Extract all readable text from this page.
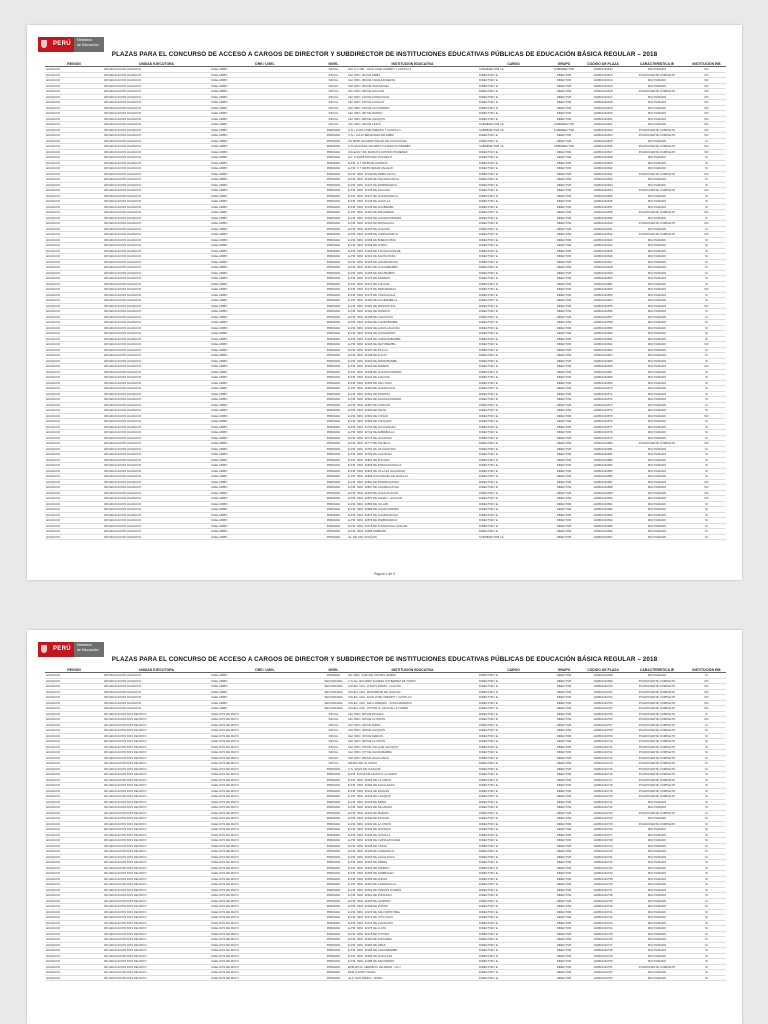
PERÚ
Ministerio
de Educación
PLAZAS PARA EL CONCURSO DE ACCESO A CARGOS DE DIRECTOR Y SUBDIRECTOR DE INSTITUCIONES EDUCATIVAS PÚBLICAS DE EDUCACIÓN BÁSICA REGULAR – 2018
REGIÓN	UNIDAD EJECUTORA	DRE / UGEL	NIVEL	INSTITUCIÓN EDUCATIVA	CARGO	GRUPO	CÓDIGO DE PLAZA	CARACTERÍSTICA IE	INSTITUCIÓN EIB
HUANUCO	300 EDUCACION HUANUCO	UGEL AMBO	INICIAL	CEI. N 7 289 - JUAN JOSE CRESPO Y CASTILLO	SUBDIRECTOR I.E.	SUBDIRECTOR	1228D1416612	MULTIGRADO	NO
HUANUCO	300 EDUCACION HUANUCO	UGEL AMBO	INICIAL	CEI. NRO. 002 DE AMBO	DIRECTOR I.E.	DIRECTOR	1228D1416613	POLIDOCENTE COMPLETO	NO
HUANUCO	300 EDUCACION HUANUCO	UGEL AMBO	INICIAL	CEI. NRO. 050 DE YANAHUQUERAS	DIRECTOR I.E.	DIRECTOR	1228D1416614	MULTIGRADO	NO
HUANUCO	300 EDUCACION HUANUCO	UGEL AMBO	INICIAL	CEI. NRO. 053 DE SAN RAFAEL	DIRECTOR I.E.	DIRECTOR	1228D1416615	MULTIGRADO	NO
HUANUCO	300 EDUCACION HUANUCO	UGEL AMBO	INICIAL	CEI. NRO. 066 DE HUACAR	DIRECTOR I.E.	DIRECTOR	1228D1416616	POLIDOCENTE COMPLETO	NO
HUANUCO	300 EDUCACION HUANUCO	UGEL AMBO	INICIAL	CEI. NRO. 128 DE AYANCOCHA	DIRECTOR I.E.	DIRECTOR	1228D1416617	MULTIGRADO	NO
HUANUCO	300 EDUCACION HUANUCO	UGEL AMBO	INICIAL	CEI. NRO. 166 DE COCHAS	DIRECTOR I.E.	DIRECTOR	1228D1416618	MULTIGRADO	NO
HUANUCO	300 EDUCACION HUANUCO	UGEL AMBO	INICIAL	CEI. NRO. 199 DE LAS PAMPAS	DIRECTOR I.E.	DIRECTOR	1228D1416619	MULTIGRADO	NO
HUANUCO	300 EDUCACION HUANUCO	UGEL AMBO	INICIAL	CEI. NRO. 287 DE RONDO	DIRECTOR I.E.	DIRECTOR	1228D1416620	MULTIGRADO	NO
HUANUCO	300 EDUCACION HUANUCO	UGEL AMBO	INICIAL	CEI. NRO. 289 DE CHUQUIS	DIRECTOR I.E.	DIRECTOR	1228D1416621	MULTIGRADO	NO
HUANUCO	300 EDUCACION HUANUCO	UGEL AMBO	INICIAL	CEI. NRO. 300 DE TINGO	SUBDIRECTOR I.E.	SUBDIRECTOR	1228D1416622	MULTIGRADO	NO
HUANUCO	300 EDUCACION HUANUCO	UGEL AMBO	PRIMARIA	C.N.I. JUAN JOSE CRESPO Y CASTILLO	SUBDIRECTOR I.E.	SUBDIRECTOR	1228D1416623	POLIDOCENTE COMPLETO	NO
HUANUCO	300 EDUCACION HUANUCO	UGEL AMBO	PRIMARIA	C.N.I. JULIO BENAVIDES DE AMBO	DIRECTOR I.E.	DIRECTOR	1228D1416624	POLIDOCENTE COMPLETO	NO
HUANUCO	300 EDUCACION HUANUCO	UGEL AMBO	PRIMARIA	CN PRIM. RICARDO PALMA DE COCHAYANA	DIRECTOR I.E.	DIRECTOR	1228D1416625	MULTIGRADO	SI
HUANUCO	300 EDUCACION HUANUCO	UGEL AMBO	PRIMARIA	C.N.NACIONAL RICARDO FLORES GUTIERREZ	SUBDIRECTOR I.E.	SUBDIRECTOR	1228D1416626	POLIDOCENTE COMPLETO	NO
HUANUCO	300 EDUCACION HUANUCO	UGEL AMBO	PRIMARIA	COLEGIO 'INF. MARCOS ANTONIO PAREDES'	DIRECTOR I.E.	DIRECTOR	1228D1416627	POLIDOCENTE COMPLETO	NO
HUANUCO	300 EDUCACION HUANUCO	UGEL AMBO	PRIMARIA	E.P. N 32068 ANTONIO PACHECO	DIRECTOR I.E.	DIRECTOR	1228D1416628	MULTIGRADO	SI
HUANUCO	300 EDUCACION HUANUCO	UGEL AMBO	PRIMARIA	E.P.M. N 7 32188 DE CONDUN	DIRECTOR I.E.	DIRECTOR	1228D1416629	MULTIGRADO	SI
HUANUCO	300 EDUCACION HUANUCO	UGEL AMBO	PRIMARIA	E.P.M. N 7 32189 CESAR VALLEJO	DIRECTOR I.E.	DIRECTOR	1228D1416630	MULTIGRADO	SI
HUANUCO	300 EDUCACION HUANUCO	UGEL AMBO	PRIMARIA	E.P.M. NRO. 32133 DE AMBO (NO R.)	DIRECTOR I.E.	DIRECTOR	1228D1416631	POLIDOCENTE COMPLETO	NO
HUANUCO	300 EDUCACION HUANUCO	UGEL AMBO	PRIMARIA	E.P.M. NRO. 32136 DE SACSAHUANCA	DIRECTOR I.E.	DIRECTOR	1228D1416632	MULTIGRADO	SI
HUANUCO	300 EDUCACION HUANUCO	UGEL AMBO	PRIMARIA	E.P.M. NRO. 32137 DE PAMPAMARCA	DIRECTOR I.E.	DIRECTOR	1228D1416633	MULTIGRADO	SI
HUANUCO	300 EDUCACION HUANUCO	UGEL AMBO	PRIMARIA	E.P.M. NRO. 32145 DE HUACAR	DIRECTOR I.E.	DIRECTOR	1228D1416634	POLIDOCENTE COMPLETO	NO
HUANUCO	300 EDUCACION HUANUCO	UGEL AMBO	PRIMARIA	E.P.M. NRO. 32147 DE HUANCAPALLA	DIRECTOR I.E.	DIRECTOR	1228D1416635	MULTIGRADO	SI
HUANUCO	300 EDUCACION HUANUCO	UGEL AMBO	PRIMARIA	E.P.M. NRO. 32148 DE HUAYLLA	DIRECTOR I.E.	DIRECTOR	1228D1416636	MULTIGRADO	SI
HUANUCO	300 EDUCACION HUANUCO	UGEL AMBO	PRIMARIA	E.P.M. NRO. 32149 DE ACOBAMBA	DIRECTOR I.E.	DIRECTOR	1228D1416637	MULTIGRADO	SI
HUANUCO	300 EDUCACION HUANUCO	UGEL AMBO	PRIMARIA	E.P.M. NRO. 32150 DE PROGRESO	DIRECTOR I.E.	DIRECTOR	1228D1416638	POLIDOCENTE COMPLETO	NO
HUANUCO	300 EDUCACION HUANUCO	UGEL AMBO	PRIMARIA	E.P.M. NRO. 32152 DE HUANUCOPAMPA	DIRECTOR I.E.	DIRECTOR	1228D1416639	MULTIGRADO	SI
HUANUCO	300 EDUCACION HUANUCO	UGEL AMBO	PRIMARIA	E.P.M. NRO. 32153 DE MATIHUACA	DIRECTOR I.E.	DIRECTOR	1228D1416640	POLIDOCENTE COMPLETO	NO
HUANUCO	300 EDUCACION HUANUCO	UGEL AMBO	PRIMARIA	E.P.M. NRO. 32154 DE HUACAR	DIRECTOR I.E.	DIRECTOR	1228D1416641	MULTIGRADO	SI
HUANUCO	300 EDUCACION HUANUCO	UGEL AMBO	PRIMARIA	E.P.M. NRO. 32155 DE CONCHUMAYO	DIRECTOR I.E.	DIRECTOR	1228D1416642	POLIDOCENTE COMPLETO	NO
HUANUCO	300 EDUCACION HUANUCO	UGEL AMBO	PRIMARIA	E.P.M. NRO. 32156 DE BUENA VISTA	DIRECTOR I.E.	DIRECTOR	1228D1416643	MULTIGRADO	SI
HUANUCO	300 EDUCACION HUANUCO	UGEL AMBO	PRIMARIA	E.P.M. NRO. 32158 DE TOMAY	DIRECTOR I.E.	DIRECTOR	1228D1416644	MULTIGRADO	SI
HUANUCO	300 EDUCACION HUANUCO	UGEL AMBO	PRIMARIA	E.P.M. NRO. 32160 DE COCHACHINCHE	DIRECTOR I.E.	DIRECTOR	1228D1416645	MULTIGRADO	SI
HUANUCO	300 EDUCACION HUANUCO	UGEL AMBO	PRIMARIA	E.P.M. NRO. 32161 DE SANTA ROSA	DIRECTOR I.E.	DIRECTOR	1228D1416646	MULTIGRADO	SI
HUANUCO	300 EDUCACION HUANUCO	UGEL AMBO	PRIMARIA	E.P.M. NRO. 32164 DE HUARICAPCHA	DIRECTOR I.E.	DIRECTOR	1228D1416647	MULTIGRADO	SI
HUANUCO	300 EDUCACION HUANUCO	UGEL AMBO	PRIMARIA	E.P.M. NRO. 32167 DE HUAGOBAMBA	DIRECTOR I.E.	DIRECTOR	1228D1416648	MULTIGRADO	SI
HUANUCO	300 EDUCACION HUANUCO	UGEL AMBO	PRIMARIA	E.P.M. NRO. 32168 DE SIGUIPAMPA	DIRECTOR I.E.	DIRECTOR	1228D1416649	MULTIGRADO	SI
HUANUCO	300 EDUCACION HUANUCO	UGEL AMBO	PRIMARIA	E.P.M. NRO. 32173 DE RONDOS	DIRECTOR I.E.	DIRECTOR	1228D1416650	MULTIGRADO	SI
HUANUCO	300 EDUCACION HUANUCO	UGEL AMBO	PRIMARIA	E.P.M. NRO. 32174 DE CAUCHA	DIRECTOR I.E.	DIRECTOR	1228D1416651	MULTIGRADO	SI
HUANUCO	300 EDUCACION HUANUCO	UGEL AMBO	PRIMARIA	E.P.M. NRO. 32176 DE PARIAMARCA	DIRECTOR I.E.	DIRECTOR	1228D1416652	MULTIGRADO	NO
HUANUCO	300 EDUCACION HUANUCO	UGEL AMBO	PRIMARIA	E.P.M. NRO. 32179 DE YANACOCHA	DIRECTOR I.E.	DIRECTOR	1228D1416653	MULTIGRADO	SI
HUANUCO	300 EDUCACION HUANUCO	UGEL AMBO	PRIMARIA	E.P.M. NRO. 32180 DE ACOBAMBILLA	DIRECTOR I.E.	DIRECTOR	1228D1416654	MULTIGRADO	SI
HUANUCO	300 EDUCACION HUANUCO	UGEL AMBO	PRIMARIA	E.P.M. NRO. 32181 DE MISHIOTUNA	DIRECTOR I.E.	DIRECTOR	1228D1416655	MULTIGRADO	NO
HUANUCO	300 EDUCACION HUANUCO	UGEL AMBO	PRIMARIA	E.P.M. NRO. 32182 DE RONDOS	DIRECTOR I.E.	DIRECTOR	1228D1416656	MULTIGRADO	SI
HUANUCO	300 EDUCACION HUANUCO	UGEL AMBO	PRIMARIA	E.P.M. NRO. 32188 DE CHACAYAN	DIRECTOR I.E.	DIRECTOR	1228D1416657	MULTIGRADO	SI
HUANUCO	300 EDUCACION HUANUCO	UGEL AMBO	PRIMARIA	E.P.M. NRO. 32190 DE CHURUBAMBA	DIRECTOR I.E.	DIRECTOR	1228D1416658	MULTIGRADO	SI
HUANUCO	300 EDUCACION HUANUCO	UGEL AMBO	PRIMARIA	E.P.M. NRO. 32192 DE HUAYLLACAYAN	DIRECTOR I.E.	DIRECTOR	1228D1416659	MULTIGRADO	SI
HUANUCO	300 EDUCACION HUANUCO	UGEL AMBO	PRIMARIA	E.P.M. NRO. 32193 DE QUINUAPATA	DIRECTOR I.E.	DIRECTOR	1228D1416660	MULTIGRADO	SI
HUANUCO	300 EDUCACION HUANUCO	UGEL AMBO	PRIMARIA	E.P.M. NRO. 32194 DE CHINCHOBAMBA	DIRECTOR I.E.	DIRECTOR	1228D1416661	MULTIGRADO	SI
HUANUCO	300 EDUCACION HUANUCO	UGEL AMBO	PRIMARIA	E.P.M. NRO. 32196 DE MAYOBAMBA	DIRECTOR I.E.	DIRECTOR	1228D1416662	MULTIGRADO	NO
HUANUCO	300 EDUCACION HUANUCO	UGEL AMBO	PRIMARIA	E.P.M. NRO. 32197 DE PILLCO	DIRECTOR I.E.	DIRECTOR	1228D1416663	MULTIGRADO	SI
HUANUCO	300 EDUCACION HUANUCO	UGEL AMBO	PRIMARIA	E.P.M. NRO. 32198 DE AUCAY	DIRECTOR I.E.	DIRECTOR	1228D1416664	MULTIGRADO	SI
HUANUCO	300 EDUCACION HUANUCO	UGEL AMBO	PRIMARIA	E.P.M. NRO. 32202 DE ARMAYBAMBA	DIRECTOR I.E.	DIRECTOR	1228D1416665	MULTIGRADO	SI
HUANUCO	300 EDUCACION HUANUCO	UGEL AMBO	PRIMARIA	E.P.M. NRO. 32203 DE PAMPAS	DIRECTOR I.E.	DIRECTOR	1228D1416666	MULTIGRADO	NO
HUANUCO	300 EDUCACION HUANUCO	UGEL AMBO	PRIMARIA	E.P.M. NRO. 32208 DE HUANUCOPAMPA	DIRECTOR I.E.	DIRECTOR	1228D1416667	MULTIGRADO	SI
HUANUCO	300 EDUCACION HUANUCO	UGEL AMBO	PRIMARIA	E.P.M. NRO. 32210 DE CHACOS	DIRECTOR I.E.	DIRECTOR	1228D1416668	MULTIGRADO	SI
HUANUCO	300 EDUCACION HUANUCO	UGEL AMBO	PRIMARIA	E.P.M. NRO. 32656 DE SAN JUAN	DIRECTOR I.E.	DIRECTOR	1228D1416669	MULTIGRADO	SI
HUANUCO	300 EDUCACION HUANUCO	UGEL AMBO	PRIMARIA	E.P.M. NRO. 32660 DE HUANCAYAN	DIRECTOR I.E.	DIRECTOR	1228D1416670	MULTIGRADO	SI
HUANUCO	300 EDUCACION HUANUCO	UGEL AMBO	PRIMARIA	E.P.M. NRO. 32661 DE RONDOS	DIRECTOR I.E.	DIRECTOR	1228D1416671	MULTIGRADO	SI
HUANUCO	300 EDUCACION HUANUCO	UGEL AMBO	PRIMARIA	E.P.M. NRO. 32664 DE HUANUCOPAMPA	DIRECTOR I.E.	DIRECTOR	1228D1416672	MULTIGRADO	SI
HUANUCO	300 EDUCACION HUANUCO	UGEL AMBO	PRIMARIA	E.P.M. NRO. 32687 DE CONCAR	DIRECTOR I.E.	DIRECTOR	1228D1416673	MULTIGRADO	SI
HUANUCO	300 EDUCACION HUANUCO	UGEL AMBO	PRIMARIA	E.P.M. NRO. 32690 DE TELTE	DIRECTOR I.E.	DIRECTOR	1228D1416674	MULTIGRADO	SI
HUANUCO	300 EDUCACION HUANUCO	UGEL AMBO	PRIMARIA	E.P.M. NRO. 32691 DE CUNAN	DIRECTOR I.E.	DIRECTOR	1228D1416675	MULTIGRADO	NO
HUANUCO	300 EDUCACION HUANUCO	UGEL AMBO	PRIMARIA	E.P.M. NRO. 32696 DE CANCHAS	DIRECTOR I.E.	DIRECTOR	1228D1416676	MULTIGRADO	SI
HUANUCO	300 EDUCACION HUANUCO	UGEL AMBO	PRIMARIA	E.P.M. NRO. 32733 DE ACOCHACAN	DIRECTOR I.E.	DIRECTOR	1228D1416677	MULTIGRADO	SI
HUANUCO	300 EDUCACION HUANUCO	UGEL AMBO	PRIMARIA	E.P.M. NRO. 32742 DE AMBABULLA	DIRECTOR I.E.	DIRECTOR	1228D1416678	MULTIGRADO	SI
HUANUCO	300 EDUCACION HUANUCO	UGEL AMBO	PRIMARIA	E.P.M. NRO. 32774 DE HUANCAN	DIRECTOR I.E.	DIRECTOR	1228D1416679	MULTIGRADO	SI
HUANUCO	300 EDUCACION HUANUCO	UGEL AMBO	PRIMARIA	E.P.M. NRO. 32777 DE ÑAUELLA	DIRECTOR I.E.	DIRECTOR	1228D1416680	POLIDOCENTE COMPLETO	NO
HUANUCO	300 EDUCACION HUANUCO	UGEL AMBO	PRIMARIA	E.P.M. NRO. 32781 DE VILCAGOTAN	DIRECTOR I.E.	DIRECTOR	1228D1416681	MULTIGRADO	SI
HUANUCO	300 EDUCACION HUANUCO	UGEL AMBO	PRIMARIA	E.P.M. NRO. 32782 DE HUANCAN	DIRECTOR I.E.	DIRECTOR	1228D1416682	MULTIGRADO	SI
HUANUCO	300 EDUCACION HUANUCO	UGEL AMBO	PRIMARIA	E.P.M. NRO. 32801 DE PUCARA	DIRECTOR I.E.	DIRECTOR	1228D1416683	MULTIGRADO	SI
HUANUCO	300 EDUCACION HUANUCO	UGEL AMBO	PRIMARIA	E.P.M. NRO. 32818 DE INTIHUASI PALCA	DIRECTOR I.E.	DIRECTOR	1228D1416684	MULTIGRADO	SI
HUANUCO	300 EDUCACION HUANUCO	UGEL AMBO	PRIMARIA	E.P.M. NRO. 32822 DE VILLA EL SALVADOR	DIRECTOR I.E.	DIRECTOR	1228D1416685	MULTIGRADO	SI
HUANUCO	300 EDUCACION HUANUCO	UGEL AMBO	PRIMARIA	E.P.M. NRO. 32828 SAN MIGUEL DE HUALLAY	DIRECTOR I.E.	DIRECTOR	1228D1416686	MULTIGRADO	SI
HUANUCO	300 EDUCACION HUANUCO	UGEL AMBO	PRIMARIA	E.P.M. NRO. 32831 DE PAMPACHACRA	DIRECTOR I.E.	DIRECTOR	1228D1416687	MULTIGRADO	NO
HUANUCO	300 EDUCACION HUANUCO	UGEL AMBO	PRIMARIA	E.P.M. NRO. 32837 DE HUARAUCAYAN	DIRECTOR I.E.	DIRECTOR	1228D1416688	MULTIGRADO	NO
HUANUCO	300 EDUCACION HUANUCO	UGEL AMBO	PRIMARIA	E.P.M. NRO. 32840 DE HUALLACAYAN	DIRECTOR I.E.	DIRECTOR	1228D1416689	MULTIGRADO	NO
HUANUCO	300 EDUCACION HUANUCO	UGEL AMBO	PRIMARIA	E.P.M. NRO. 32847 DE SANAO - HUACAR	DIRECTOR I.E.	DIRECTOR	1228D1416690	MULTIGRADO	NO
HUANUCO	300 EDUCACION HUANUCO	UGEL AMBO	PRIMARIA	E.P.M. NRO. 32856 DE YALAPA	DIRECTOR I.E.	DIRECTOR	1228D1416691	MULTIGRADO	SI
HUANUCO	300 EDUCACION HUANUCO	UGEL AMBO	PRIMARIA	E.P.M. NRO. 32868 DE HUANCAPAMPA	DIRECTOR I.E.	DIRECTOR	1228D1416692	MULTIGRADO	SI
HUANUCO	300 EDUCACION HUANUCO	UGEL AMBO	PRIMARIA	E.P.M. NRO. 32872 DE HUARICAPCHA	DIRECTOR I.E.	DIRECTOR	1228D1416693	MULTIGRADO	SI
HUANUCO	300 EDUCACION HUANUCO	UGEL AMBO	PRIMARIA	E.P.M. NRO. 32876 DE PAMPAMARCA	DIRECTOR I.E.	DIRECTOR	1228D1416694	MULTIGRADO	SI
HUANUCO	300 EDUCACION HUANUCO	UGEL AMBO	PRIMARIA	E.P.M. NRO. 33178 DE AYANCOCHA HUACAR	DIRECTOR I.E.	DIRECTOR	1228D1416695	MULTIGRADO	SI
HUANUCO	300 EDUCACION HUANUCO	UGEL AMBO	PRIMARIA	E.P.M. NRO. 34568 UMBRANI	DIRECTOR I.E.	DIRECTOR	1228D1416696	MULTIGRADO	SI
HUANUCO	300 EDUCACION HUANUCO	UGEL AMBO	PRIMARIA	I.E. DE SAN JOAQUIN	SUBDIRECTOR I.E.	DIRECTOR	1228D1416697	MULTIGRADO	SI
Página 1 de 9
PERÚ
Ministerio
de Educación
PLAZAS PARA EL CONCURSO DE ACCESO A CARGOS DE DIRECTOR Y SUBDIRECTOR DE INSTITUCIONES EDUCATIVAS PÚBLICAS DE EDUCACIÓN BÁSICA REGULAR – 2018
REGIÓN	UNIDAD EJECUTORA	DRE / UGEL	NIVEL	INSTITUCIÓN EDUCATIVA	CARGO	GRUPO	CÓDIGO DE PLAZA	CARACTERÍSTICA IE	INSTITUCIÓN EIB
HUANUCO	300 EDUCACION HUANUCO	UGEL AMBO	PRIMARIA	CE. NRO. JUAN DE COLPAS (AMBO)	DIRECTOR I.E.	DIRECTOR	1228D1416698	MULTIGRADO	SI
HUANUCO	300 EDUCACION HUANUCO	UGEL AMBO	SECUNDARIA	C.N.AG. RICARDO FLORES GUTIERREZ DE TOMAY	DIRECTOR I.E.	DIRECTOR	1228D1416699	POLIDOCENTE COMPLETO	NO
HUANUCO	300 EDUCACION HUANUCO	UGEL AMBO	SECUNDARIA	COLEG. NAC. VITALIS PRIMO - LLACON	DIRECTOR I.E.	DIRECTOR	1228D1416700	POLIDOCENTE COMPLETO	NO
HUANUCO	300 EDUCACION HUANUCO	UGEL AMBO	SECUNDARIA	COLEG. NAC. MONSEÑOR DE HUACAR	DIRECTOR I.E.	DIRECTOR	1228D1416701	POLIDOCENTE COMPLETO	NO
HUANUCO	300 EDUCACION HUANUCO	UGEL AMBO	SECUNDARIA	COLEG. NAC. JUAN JOSE CRESPO Y CASTILLO	DIRECTOR I.E.	DIRECTOR	1228D1416702	POLIDOCENTE COMPLETO	NO
HUANUCO	300 EDUCACION HUANUCO	UGEL AMBO	SECUNDARIA	COLEG. NAC. SAN LORENZO - CONCHAMARCA	DIRECTOR I.E.	DIRECTOR	1228D1416703	POLIDOCENTE COMPLETO	NO
HUANUCO	300 EDUCACION HUANUCO	UGEL AMBO	SECUNDARIA	COLEG. NAC. VICTOR R. HAYA DE LA TORRE	DIRECTOR I.E.	DIRECTOR	1228D1416704	POLIDOCENTE COMPLETO	NO
HUANUCO	301 EDUCACION DOS DE MAYO	UGEL DOS DE MAYO	INICIAL	CEI. NRO. 005 DE PACHAS	DIRECTOR I.E.	DIRECTOR	1228D1416705	POLIDOCENTE COMPLETO	SI
HUANUCO	301 EDUCACION DOS DE MAYO	UGEL DOS DE MAYO	INICIAL	CEI. NRO. 025 DE LA UNION	DIRECTOR I.E.	DIRECTOR	1228D1416706	POLIDOCENTE COMPLETO	NO
HUANUCO	301 EDUCACION DOS DE MAYO	UGEL DOS DE MAYO	INICIAL	CEI. NRO. 026 DE RIPAN	DIRECTOR I.E.	DIRECTOR	1228D1416707	POLIDOCENTE COMPLETO	SI
HUANUCO	301 EDUCACION DOS DE MAYO	UGEL DOS DE MAYO	INICIAL	CEI. NRO. 028 DE CHUQUIS	DIRECTOR I.E.	DIRECTOR	1228D1416708	POLIDOCENTE COMPLETO	SI
HUANUCO	301 EDUCACION DOS DE MAYO	UGEL DOS DE MAYO	INICIAL	CEI. NRO. 033 DE MARIAS	DIRECTOR I.E.	DIRECTOR	1228D1416709	POLIDOCENTE COMPLETO	SI
HUANUCO	301 EDUCACION DOS DE MAYO	UGEL DOS DE MAYO	INICIAL	CEI. NRO. 053 DE LA UNION	DIRECTOR I.E.	DIRECTOR	1228D1416710	POLIDOCENTE COMPLETO	SI
HUANUCO	301 EDUCACION DOS DE MAYO	UGEL DOS DE MAYO	INICIAL	CEI. NRO. 075 DE VILLA DE CHUQUIS	DIRECTOR I.E.	DIRECTOR	1228D1416711	POLIDOCENTE COMPLETO	SI
HUANUCO	301 EDUCACION DOS DE MAYO	UGEL DOS DE MAYO	INICIAL	CEI. NRO. 077 DE CHURUBAMBA	DIRECTOR I.E.	DIRECTOR	1228D1416712	POLIDOCENTE COMPLETO	SI
HUANUCO	301 EDUCACION DOS DE MAYO	UGEL DOS DE MAYO	INICIAL	CEI. NRO. 099 DE HUALLANCA	DIRECTOR I.E.	DIRECTOR	1228D1416713	POLIDOCENTE COMPLETO	SI
HUANUCO	301 EDUCACION DOS DE MAYO	UGEL DOS DE MAYO	INICIAL	GRADO DE LA UNION	DIRECTOR I.E.	DIRECTOR	1228D1416714	POLIDOCENTE COMPLETO	SI
HUANUCO	301 EDUCACION DOS DE MAYO	UGEL DOS DE MAYO	PRIMARIA	C.N. 32224 DE CHUQUIS	DIRECTOR I.E.	DIRECTOR	1228D1416715	POLIDOCENTE COMPLETO	SI
HUANUCO	301 EDUCACION DOS DE MAYO	UGEL DOS DE MAYO	PRIMARIA	E.P.M. 8 DIAS DE AGOSTO LA UNION	DIRECTOR I.E.	DIRECTOR	1228D1416716	POLIDOCENTE COMPLETO	SI
HUANUCO	301 EDUCACION DOS DE MAYO	UGEL DOS DE MAYO	PRIMARIA	E.P.M. NRO. 32054 DE LA UNION	DIRECTOR I.E.	DIRECTOR	1228D1416717	POLIDOCENTE COMPLETO	SI
HUANUCO	301 EDUCACION DOS DE MAYO	UGEL DOS DE MAYO	PRIMARIA	E.P.M. NRO. 32092 DE HUALLANCA	DIRECTOR I.E.	DIRECTOR	1228D1416718	POLIDOCENTE COMPLETO	SI
HUANUCO	301 EDUCACION DOS DE MAYO	UGEL DOS DE MAYO	PRIMARIA	E.P.M. NRO. 32214 DE PACHAS	DIRECTOR I.E.	DIRECTOR	1228D1416719	POLIDOCENTE COMPLETO	SI
HUANUCO	301 EDUCACION DOS DE MAYO	UGEL DOS DE MAYO	PRIMARIA	E.P.M. NRO. 32215 DE CHUQUIS	DIRECTOR I.E.	DIRECTOR	1228D1416720	POLIDOCENTE COMPLETO	SI
HUANUCO	301 EDUCACION DOS DE MAYO	UGEL DOS DE MAYO	PRIMARIA	E.P.M. NRO. 32218 DE RIPAN	DIRECTOR I.E.	DIRECTOR	1228D1416721	MULTIGRADO	SI
HUANUCO	301 EDUCACION DOS DE MAYO	UGEL DOS DE MAYO	PRIMARIA	E.P.M. NRO. 32222 DE SILLAPATA	DIRECTOR I.E.	DIRECTOR	1228D1416722	MULTIGRADO	SI
HUANUCO	301 EDUCACION DOS DE MAYO	UGEL DOS DE MAYO	PRIMARIA	E.P.M. NRO. 32226 DE MARIAS	DIRECTOR I.E.	DIRECTOR	1228D1416723	POLIDOCENTE COMPLETO	SI
HUANUCO	301 EDUCACION DOS DE MAYO	UGEL DOS DE MAYO	PRIMARIA	E.P.M. NRO. 32230 DE PACHAS	DIRECTOR I.E.	DIRECTOR	1228D1416724	MULTIGRADO	SI
HUANUCO	301 EDUCACION DOS DE MAYO	UGEL DOS DE MAYO	PRIMARIA	E.P.M. NRO. 32234 DE LA UNION	DIRECTOR I.E.	DIRECTOR	1228D1416725	POLIDOCENTE COMPLETO	SI
HUANUCO	301 EDUCACION DOS DE MAYO	UGEL DOS DE MAYO	PRIMARIA	E.P.M. NRO. 32236 DE SHUNQUI	DIRECTOR I.E.	DIRECTOR	1228D1416726	MULTIGRADO	SI
HUANUCO	301 EDUCACION DOS DE MAYO	UGEL DOS DE MAYO	PRIMARIA	E.P.M. NRO. 32240 DE QUIVILLA	DIRECTOR I.E.	DIRECTOR	1228D1416727	MULTIGRADO	SI
HUANUCO	301 EDUCACION DOS DE MAYO	UGEL DOS DE MAYO	PRIMARIA	E.P.M. NRO. 32244 DE CHINCHAYCAMA	DIRECTOR I.E.	DIRECTOR	1228D1416728	MULTIGRADO	SI
HUANUCO	301 EDUCACION DOS DE MAYO	UGEL DOS DE MAYO	PRIMARIA	E.P.M. NRO. 32246 DE YANAS	DIRECTOR I.E.	DIRECTOR	1228D1416729	MULTIGRADO	SI
HUANUCO	301 EDUCACION DOS DE MAYO	UGEL DOS DE MAYO	PRIMARIA	E.P.M. NRO. 32248 DE CHAVINILLO	DIRECTOR I.E.	DIRECTOR	1228D1416730	MULTIGRADO	SI
HUANUCO	301 EDUCACION DOS DE MAYO	UGEL DOS DE MAYO	PRIMARIA	E.P.M. NRO. 32250 DE HUALLANCA	DIRECTOR I.E.	DIRECTOR	1228D1416731	MULTIGRADO	SI
HUANUCO	301 EDUCACION DOS DE MAYO	UGEL DOS DE MAYO	PRIMARIA	E.P.M. NRO. 32252 DE SIBIRA	DIRECTOR I.E.	DIRECTOR	1228D1416732	MULTIGRADO	SI
HUANUCO	301 EDUCACION DOS DE MAYO	UGEL DOS DE MAYO	PRIMARIA	E.P.M. NRO. 32254 DE PAMPAS	DIRECTOR I.E.	DIRECTOR	1228D1416733	MULTIGRADO	SI
HUANUCO	301 EDUCACION DOS DE MAYO	UGEL DOS DE MAYO	PRIMARIA	E.P.M. NRO. 32256 DE TAMBOGAN	DIRECTOR I.E.	DIRECTOR	1228D1416734	MULTIGRADO	SI
HUANUCO	301 EDUCACION DOS DE MAYO	UGEL DOS DE MAYO	PRIMARIA	E.P.M. NRO. 32258 DE ANDAS	DIRECTOR I.E.	DIRECTOR	1228D1416735	MULTIGRADO	SI
HUANUCO	301 EDUCACION DOS DE MAYO	UGEL DOS DE MAYO	PRIMARIA	E.P.M. NRO. 32260 DE CHIPAQUILLO	DIRECTOR I.E.	DIRECTOR	1228D1416736	MULTIGRADO	SI
HUANUCO	301 EDUCACION DOS DE MAYO	UGEL DOS DE MAYO	PRIMARIA	E.P.M. NRO. 32262 DE NUEVAS FLORES	DIRECTOR I.E.	DIRECTOR	1228D1416737	MULTIGRADO	SI
HUANUCO	301 EDUCACION DOS DE MAYO	UGEL DOS DE MAYO	PRIMARIA	E.P.M. NRO. 32264 DE PUNCHAO	DIRECTOR I.E.	DIRECTOR	1228D1416738	MULTIGRADO	SI
HUANUCO	301 EDUCACION DOS DE MAYO	UGEL DOS DE MAYO	PRIMARIA	E.P.M. NRO. 32266 DE QUIPRAN	DIRECTOR I.E.	DIRECTOR	1228D1416739	MULTIGRADO	SI
HUANUCO	301 EDUCACION DOS DE MAYO	UGEL DOS DE MAYO	PRIMARIA	E.P.M. NRO. 32268 DE PUÑOS	DIRECTOR I.E.	DIRECTOR	1228D1416740	MULTIGRADO	SI
HUANUCO	301 EDUCACION DOS DE MAYO	UGEL DOS DE MAYO	PRIMARIA	E.P.M. NRO. 32270 DE SAN CRISTOBAL	DIRECTOR I.E.	DIRECTOR	1228D1416741	MULTIGRADO	SI
HUANUCO	301 EDUCACION DOS DE MAYO	UGEL DOS DE MAYO	PRIMARIA	E.P.M. NRO. 32272 DE UTCUYACU	DIRECTOR I.E.	DIRECTOR	1228D1416742	MULTIGRADO	SI
HUANUCO	301 EDUCACION DOS DE MAYO	UGEL DOS DE MAYO	PRIMARIA	E.P.M. NRO. 32274 DE HUANCHAY	DIRECTOR I.E.	DIRECTOR	1228D1416743	MULTIGRADO	SI
HUANUCO	301 EDUCACION DOS DE MAYO	UGEL DOS DE MAYO	PRIMARIA	E.P.M. NRO. 32276 DE LLATA	DIRECTOR I.E.	DIRECTOR	1228D1416744	MULTIGRADO	SI
HUANUCO	301 EDUCACION DOS DE MAYO	UGEL DOS DE MAYO	PRIMARIA	E.P.M. NRO. 32278 DE TOTORA	DIRECTOR I.E.	DIRECTOR	1228D1416745	MULTIGRADO	SI
HUANUCO	301 EDUCACION DOS DE MAYO	UGEL DOS DE MAYO	PRIMARIA	E.P.M. NRO. 32280 DE VIZCARRA	DIRECTOR I.E.	DIRECTOR	1228D1416746	MULTIGRADO	SI
HUANUCO	301 EDUCACION DOS DE MAYO	UGEL DOS DE MAYO	PRIMARIA	E.P.M. NRO. 32282 DE OBAS	DIRECTOR I.E.	DIRECTOR	1228D1416747	MULTIGRADO	SI
HUANUCO	301 EDUCACION DOS DE MAYO	UGEL DOS DE MAYO	PRIMARIA	E.P.M. NRO. 32284 DE CHACABAMBA	DIRECTOR I.E.	DIRECTOR	1228D1416748	MULTIGRADO	SI
HUANUCO	301 EDUCACION DOS DE MAYO	UGEL DOS DE MAYO	PRIMARIA	E.P.M. NRO. 32286 DE HUAYLLAS	DIRECTOR I.E.	DIRECTOR	1228D1416749	MULTIGRADO	SI
HUANUCO	301 EDUCACION DOS DE MAYO	UGEL DOS DE MAYO	PRIMARIA	E.P.M. NRO. 32288 DE SAN PEDRO	DIRECTOR I.E.	DIRECTOR	1228D1416750	MULTIGRADO	SI
HUANUCO	301 EDUCACION DOS DE MAYO	UGEL DOS DE MAYO	PRIMARIA	EPM APLIC. HERMILIO VALDIZAN - LA U	DIRECTOR I.E.	DIRECTOR	1228D1416751	POLIDOCENTE COMPLETO	SI
HUANUCO	301 EDUCACION DOS DE MAYO	UGEL DOS DE MAYO	PRIMARIA	EPM N 32253 YANAS	DIRECTOR I.E.	DIRECTOR	1228D1416752	MULTIGRADO	SI
HUANUCO	301 EDUCACION DOS DE MAYO	UGEL DOS DE MAYO	PRIMARIA	I.E.P. SAN PEDRO - RIPAN	DIRECTOR I.E.	DIRECTOR	1228D1416753	MULTIGRADO	SI
